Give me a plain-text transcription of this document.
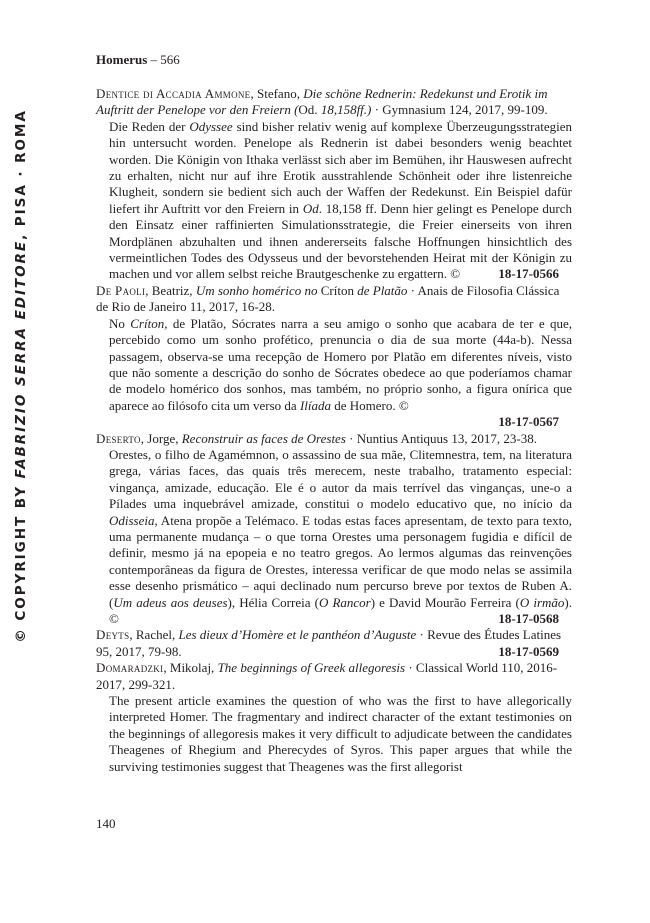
© COPYRIGHT BY FABRIZIO SERRA EDITORE, PISA · ROMA
Homerus – 566
Dentice di Accadia Ammone, Stefano, Die schöne Rednerin: Redekunst und Erotik im Auftritt der Penelope vor den Freiern (Od. 18,158ff.) · Gymnasium 124, 2017, 99-109.
Die Reden der Odyssee sind bisher relativ wenig auf komplexe Überzeugungsstrategien hin untersucht worden. Penelope als Rednerin ist dabei besonders wenig beachtet worden. Die Königin von Ithaka verlässt sich aber im Bemühen, ihr Hauswesen aufrecht zu erhalten, nicht nur auf ihre Erotik ausstrahlende Schönheit oder ihre listenreiche Klugheit, sondern sie bedient sich auch der Waffen der Redekunst. Ein Beispiel dafür liefert ihr Auftritt vor den Freiern in Od. 18,158 ff. Denn hier gelingt es Penelope durch den Einsatz einer raffinierten Simulationsstrategie, die Freier einerseits von ihren Mordplänen abzuhalten und ihnen andererseits falsche Hoffnungen hinsichtlich des vermeintlichen Todes des Odysseus und der bevorstehenden Heirat mit der Königin zu machen und vor allem selbst reiche Brautgeschenke zu ergattern. ©	18-17-0566
De Paoli, Beatriz, Um sonho homérico no Críton de Platão · Anais de Filosofia Clássica de Rio de Janeiro 11, 2017, 16-28.
No Críton, de Platão, Sócrates narra a seu amigo o sonho que acabara de ter e que, percebido como um sonho profético, prenuncia o dia de sua morte (44a-b). Nessa passagem, observa-se uma recepção de Homero por Platão em diferentes níveis, visto que não somente a descrição do sonho de Sócrates obedece ao que poderíamos chamar de modelo homérico dos sonhos, mas também, no próprio sonho, a figura onírica que aparece ao filósofo cita um verso da Ilíada de Homero. ©
18-17-0567
Deserto, Jorge, Reconstruir as faces de Orestes · Nuntius Antiquus 13, 2017, 23-38.
Orestes, o filho de Agamémnon, o assassino de sua mãe, Clitemnestra, tem, na literatura grega, várias faces, das quais três merecem, neste trabalho, tratamento especial: vingança, amizade, educação. Ele é o autor da mais terrível das vinganças, une-o a Pílades uma inquebrável amizade, constitui o modelo educativo que, no início da Odisseia, Atena propõe a Telémaco. E todas estas faces apresentam, de texto para texto, uma permanente mudança – o que torna Orestes uma personagem fugidia e difícil de definir, mesmo já na epopeia e no teatro gregos. Ao lermos algumas das reinvenções contemporâneas da figura de Orestes, interessa verificar de que modo nelas se assimila esse desenho prismático – aqui declinado num percurso breve por textos de Ruben A. (Um adeus aos deuses), Hélia Correia (O Rancor) e David Mourão Ferreira (O irmão). ©	18-17-0568
Deyts, Rachel, Les dieux d’Homère et le panthéon d’Auguste · Revue des Études Latines 95, 2017, 79-98.	18-17-0569
Domaradzki, Mikolaj, The beginnings of Greek allegoresis · Classical World 110, 2016-2017, 299-321.
The present article examines the question of who was the first to have allegorically interpreted Homer. The fragmentary and indirect character of the extant testimonies on the beginnings of allegoresis makes it very difficult to adjudicate between the candidates Theagenes of Rhegium and Pherecydes of Syros. This paper argues that while the surviving testimonies suggest that Theagenes was the first allegorist
140
